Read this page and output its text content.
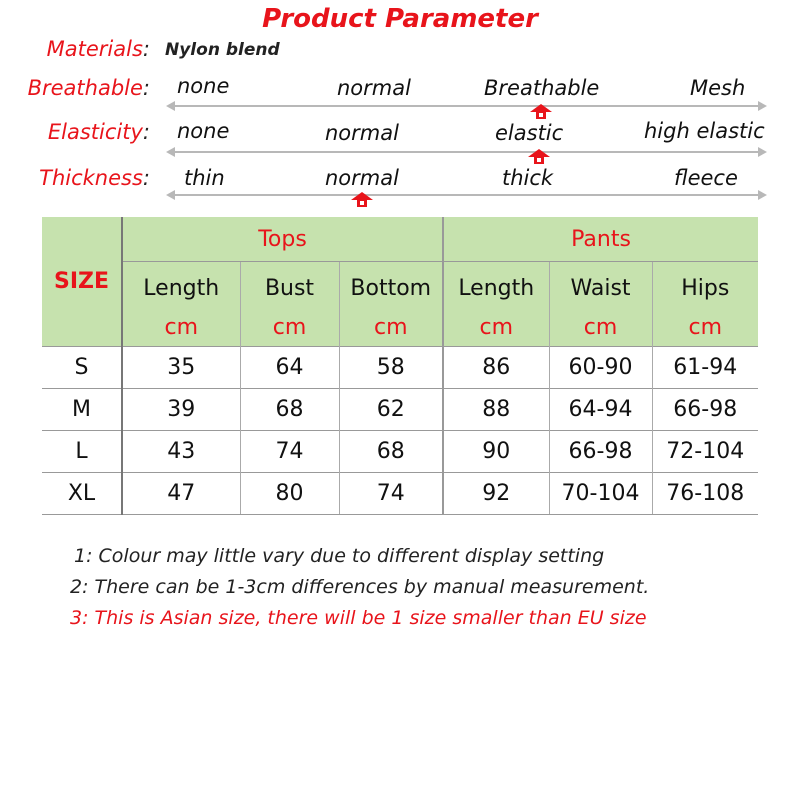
Product Parameter
Materials: Nylon blend
Breathable: none	normal	Breathable	Mesh
Elasticity: none	normal	elastic	high elastic
Thickness: thin	normal	thick	fleece
SIZE	Tops			Pants		
	Length	Bust	Bottom	Length	Waist	Hips
	cm	cm	cm	cm	cm	cm
S	35	64	58	86	60-90	61-94
M	39	68	62	88	64-94	66-98
L	43	74	68	90	66-98	72-104
XL	47	80	74	92	70-104	76-108
1: Colour may little vary due to different display setting
2: There can be 1-3cm differences by manual measurement.
3: This is Asian size, there will be 1 size smaller than EU size
